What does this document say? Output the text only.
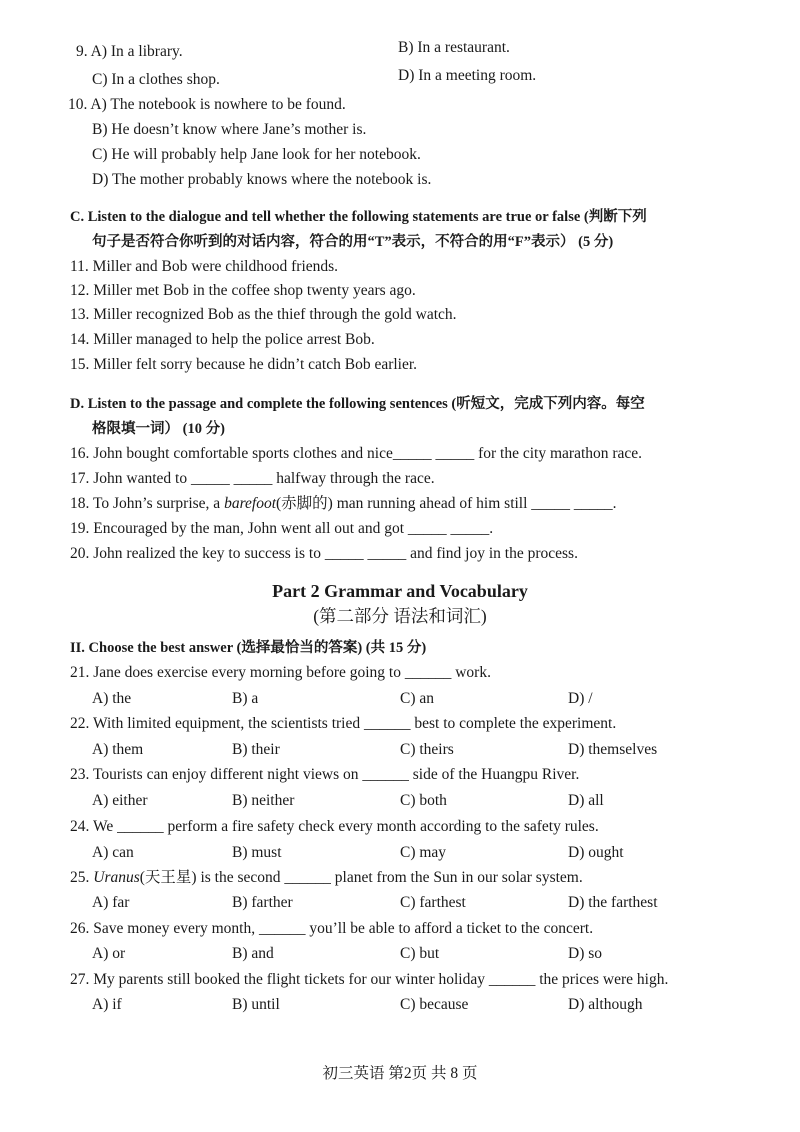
9. A) In a library.	B) In a restaurant.
C) In a clothes shop.	D) In a meeting room.
10. A) The notebook is nowhere to be found.
B) He doesn’t know where Jane’s mother is.
C) He will probably help Jane look for her notebook.
D) The mother probably knows where the notebook is.
C. Listen to the dialogue and tell whether the following statements are true or false (判断下列
句子是否符合你听到的对话内容，符合的用“T”表示，不符合的用“F”表示） (5 分)
11. Miller and Bob were childhood friends.
12. Miller met Bob in the coffee shop twenty years ago.
13. Miller recognized Bob as the thief through the gold watch.
14. Miller managed to help the police arrest Bob.
15. Miller felt sorry because he didn’t catch Bob earlier.
D. Listen to the passage and complete the following sentences (听短文，完成下列内容。每空
格限填一词） (10 分)
16. John bought comfortable sports clothes and nice_____ _____ for the city marathon race.
17. John wanted to _____ _____ halfway through the race.
18. To John’s surprise, a barefoot(赤脚的) man running ahead of him still _____ _____.
19. Encouraged by the man, John went all out and got _____ _____.
20. John realized the key to success is to _____ _____ and find joy in the process.
Part 2 Grammar and Vocabulary
(第二部分 语法和词汇)
II. Choose the best answer (选择最恰当的答案) (共 15 分)
21. Jane does exercise every morning before going to ______ work.
A) the	B) a	C) an	D) /
22. With limited equipment, the scientists tried ______ best to complete the experiment.
A) them	B) their	C) theirs	D) themselves
23. Tourists can enjoy different night views on ______ side of the Huangpu River.
A) either	B) neither	C) both	D) all
24. We ______ perform a fire safety check every month according to the safety rules.
A) can	B) must	C) may	D) ought
25. Uranus(天王星) is the second ______ planet from the Sun in our solar system.
A) far	B) farther	C) farthest	D) the farthest
26. Save money every month, ______ you’ll be able to afford a ticket to the concert.
A) or	B) and	C) but	D) so
27. My parents still booked the flight tickets for our winter holiday ______ the prices were high.
A) if	B) until	C) because	D) although
初三英语 第2页 共 8 页
